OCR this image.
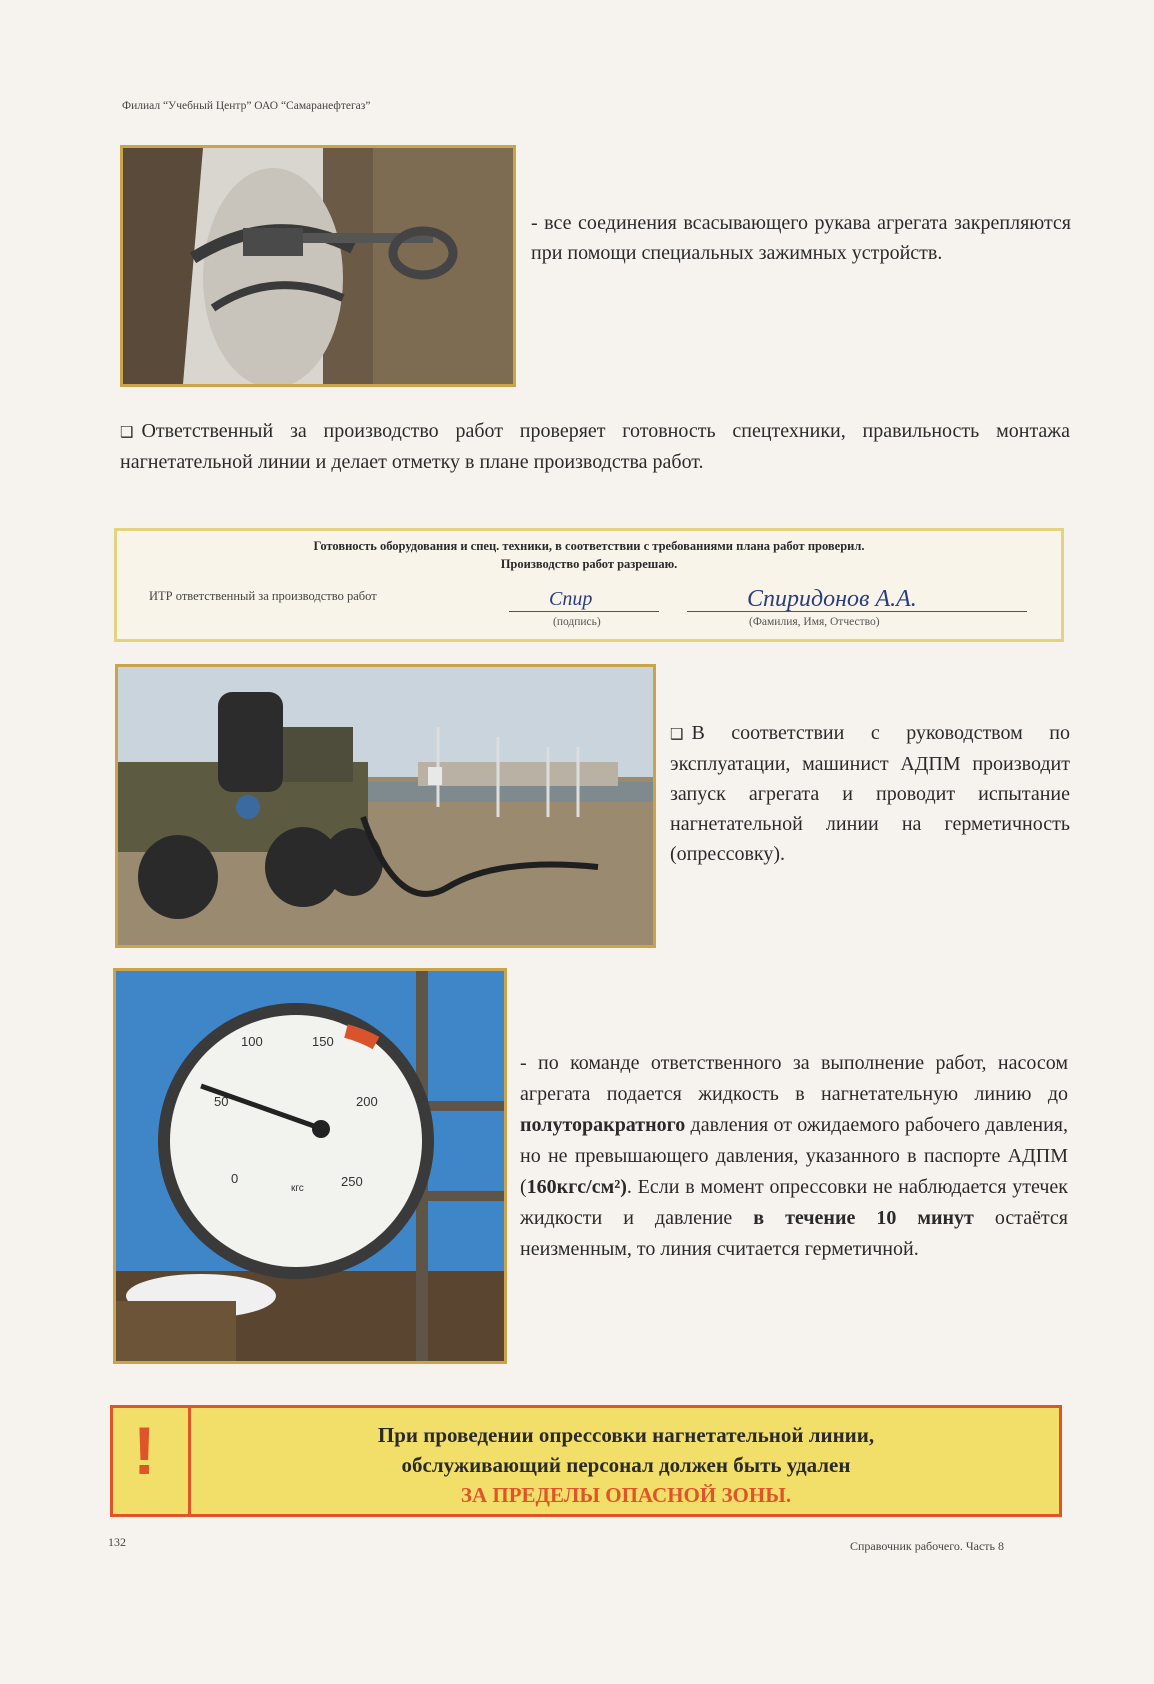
Филиал “Учебный Центр” ОАО “Самаранефтегаз”
- все соединения всасывающего рукава агрегата закрепляются при помощи специальных зажимных устройств.
❑ Ответственный за производство работ проверяет готовность спецтехники, правильность монтажа нагнетательной линии и делает отметку в плане производства работ.
Готовность оборудования и спец. техники, в соответствии с требованиями плана работ проверил.
Производство работ разрешаю.
ИТР ответственный за производство работ	Спир
(подпись)
Спиридонов А.А.
(Фамилия, Имя, Отчество)
❑ В соответствии с руководством по эксплуатации, машинист АДПМ производит запуск агрегата и проводит испытание нагнетательной линии на герметичность (опрессовку).
100	150
200
250
50
0
кгс
- по команде ответственного за выполнение работ, насосом агрегата подается жидкость в нагнетательную линию до полуторакратного давления от ожидаемого рабочего давления, но не превышающего давления, указанного в паспорте АДПМ (160кгс/см²). Если в момент опрессовки не наблюдается утечек жидкости и давление в течение 10 минут остаётся неизменным, то линия считается герметичной.
!	При проведении опрессовки нагнетательной линии,
обслуживающий персонал должен быть удален
ЗА ПРЕДЕЛЫ ОПАСНОЙ ЗОНЫ.
132	Справочник рабочего. Часть 8
